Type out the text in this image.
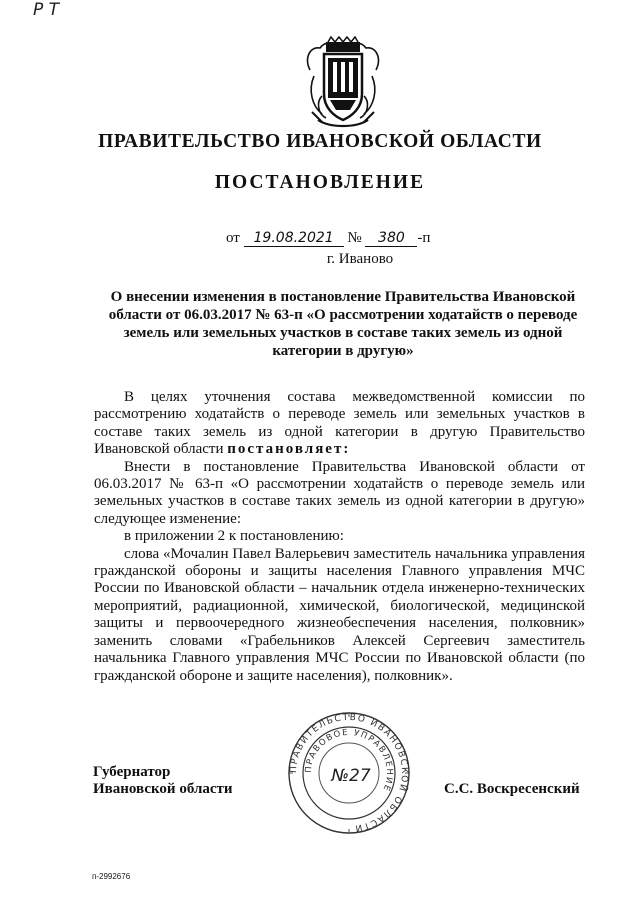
Р Т
ПРАВИТЕЛЬСТВО ИВАНОВСКОЙ ОБЛАСТИ
ПОСТАНОВЛЕНИЕ
от 19.08.2021 № 380 -п
г. Иваново
О внесении изменения в постановление Правительства Ивановской области от 06.03.2017 № 63-п «О рассмотрении ходатайств о переводе земель или земельных участков в составе таких земель из одной категории в другую»

В целях уточнения состава межведомственной комиссии по рассмотрению ходатайств о переводе земель или земельных участков в составе таких земель из одной категории в другую Правительство Ивановской области постановляет:

Внести в постановление Правительства Ивановской области от 06.03.2017 № 63-п «О рассмотрении ходатайств о переводе земель или земельных участков в составе таких земель из одной категории в другую» следующее изменение:

в приложении 2 к постановлению:

слова «Мочалин Павел Валерьевич заместитель начальника управления гражданской обороны и защиты населения Главного управления МЧС России по Ивановской области – начальник отдела инженерно-технических мероприятий, радиационной, химической, биологической, медицинской защиты и первоочередного жизнеобеспечения населения, полковник» заменить словами «Грабельников Алексей Сергеевич заместитель начальника Главного управления МЧС России по Ивановской области (по гражданской обороне и защите населения), полковник».

Губернатор
Ивановской области
ПРАВИТЕЛЬСТВО ИВАНОВСКОЙ ОБЛАСТИ
ПРАВОВОЕ УПРАВЛЕНИЕ
№27
С.С. Воскресенский
п-2992676
